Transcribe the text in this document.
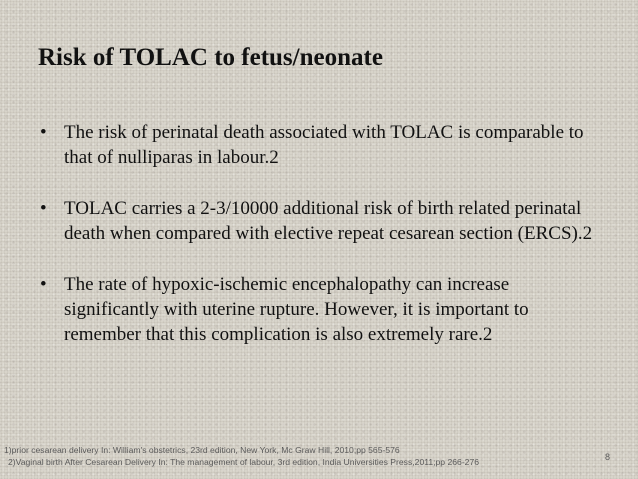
Risk of TOLAC to fetus/neonate
• The risk of perinatal death associated with TOLAC is comparable to that of nulliparas in labour.2
• TOLAC carries a 2-3/10000 additional risk of birth related perinatal death when compared with elective repeat cesarean section (ERCS).2
• The rate of hypoxic-ischemic encephalopathy can increase significantly with uterine rupture. However, it is important to remember that this complication is also extremely rare.2
1)prior cesarean delivery In: William's obstetrics, 23rd edition, New York, Mc Graw Hill, 2010;pp 565-576
2)Vaginal birth After Cesarean Delivery In: The management of labour, 3rd edition, India Universities Press,2011;pp 266-276	8
